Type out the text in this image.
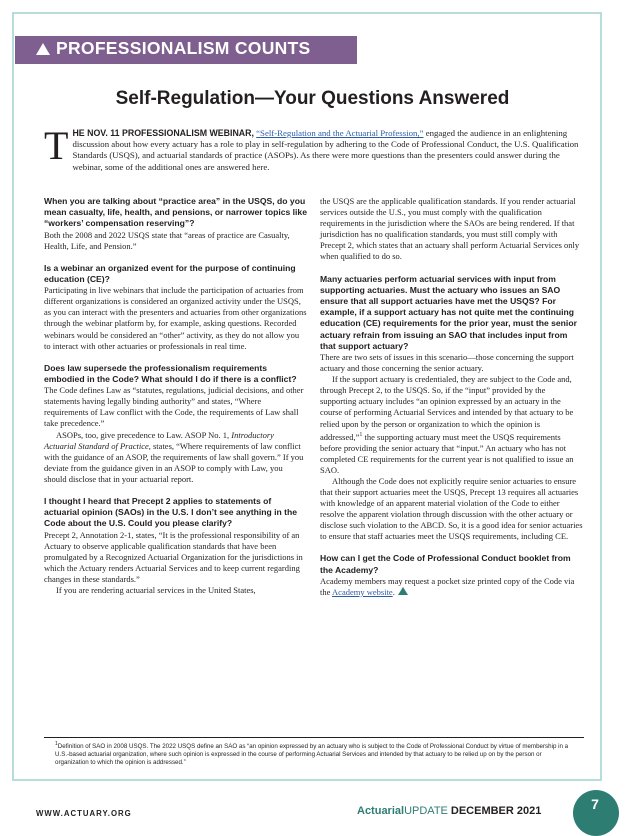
PROFESSIONALISM COUNTS
Self-Regulation—Your Questions Answered
THE NOV. 11 PROFESSIONALISM WEBINAR, “Self-Regulation and the Actuarial Profession,” engaged the audience in an enlightening discussion about how every actuary has a role to play in self-regulation by adhering to the Code of Professional Conduct, the U.S. Qualification Standards (USQS), and actuarial standards of practice (ASOPs). As there were more questions than the presenters could answer during the webinar, some of the additional ones are answered here.

When you are talking about “practice area” in the USQS, do you mean casualty, life, health, and pensions, or narrower topics like “workers’ compensation reserving”?

Both the 2008 and 2022 USQS state that “areas of practice are Casualty, Health, Life, and Pension.”

Is a webinar an organized event for the purpose of continuing education (CE)?

Participating in live webinars that include the participation of actuaries from different organizations is considered an organized activity under the USQS, as you can interact with the presenters and actuaries from other organizations through the webinar platform by, for example, asking questions. Recorded webinars would be considered an “other” activity, as they do not allow you to interact with other actuaries or professionals in real time.

Does law supersede the professionalism requirements embodied in the Code? What should I do if there is a conflict?

The Code defines Law as “statutes, regulations, judicial decisions, and other statements having legally binding authority” and states, “Where requirements of Law conflict with the Code, the requirements of Law shall take precedence.”

ASOPs, too, give precedence to Law. ASOP No. 1, Introductory Actuarial Standard of Practice, states, “Where requirements of law conflict with the guidance of an ASOP, the requirements of law shall govern.” If you deviate from the guidance given in an ASOP to comply with Law, you should disclose that in your actuarial report.

I thought I heard that Precept 2 applies to statements of actuarial opinion (SAOs) in the U.S. I don’t see anything in the Code about the U.S. Could you please clarify?

Precept 2, Annotation 2-1, states, “It is the professional responsibility of an Actuary to observe applicable qualification standards that have been promulgated by a Recognized Actuarial Organization for the jurisdictions in which the Actuary renders Actuarial Services and to keep current regarding changes in these standards.”

If you are rendering actuarial services in the United States,

the USQS are the applicable qualification standards. If you render actuarial services outside the U.S., you must comply with the qualification requirements in the jurisdiction where the SAOs are being rendered. If that jurisdiction has no qualification standards, you must still comply with Precept 2, which states that an actuary shall perform Actuarial Services only when qualified to do so.

Many actuaries perform actuarial services with input from supporting actuaries. Must the actuary who issues an SAO ensure that all support actuaries have met the USQS? For example, if a support actuary has not quite met the continuing education (CE) requirements for the prior year, must the senior actuary refrain from issuing an SAO that includes input from that support actuary?

There are two sets of issues in this scenario—those concerning the support actuary and those concerning the senior actuary.

If the support actuary is credentialed, they are subject to the Code and, through Precept 2, to the USQS. So, if the “input” provided by the supporting actuary includes “an opinion expressed by an actuary in the course of performing Actuarial Services and intended by that actuary to be relied upon by the person or organization to which the opinion is addressed,”$^1$ the supporting actuary must meet the USQS requirements before providing the senior actuary that “input.” An actuary who has not completed CE requirements for the current year is not qualified to issue an SAO.

Although the Code does not explicitly require senior actuaries to ensure that their support actuaries meet the USQS, Precept 13 requires all actuaries with knowledge of an apparent material violation of the Code to either resolve the apparent violation through discussion with the other actuary or disclose such violation to the ABCD. So, it is a good idea for senior actuaries to ensure that staff actuaries meet the USQS requirements, including CE.

How can I get the Code of Professional Conduct booklet from the Academy?

Academy members may request a pocket size printed copy of the Code via the Academy website.

$^1$Definition of SAO in 2008 USQS. The 2022 USQS define an SAO as “an opinion expressed by an actuary who is subject to the Code of Professional Conduct by virtue of membership in a U.S.-based actuarial organization, where such opinion is expressed in the course of performing Actuarial Services and intended by that actuary to be relied up on by the person or organization to which the opinion is addressed.”
WWW.ACTUARY.ORG	ActuarialUPDATE DECEMBER 2021	7
